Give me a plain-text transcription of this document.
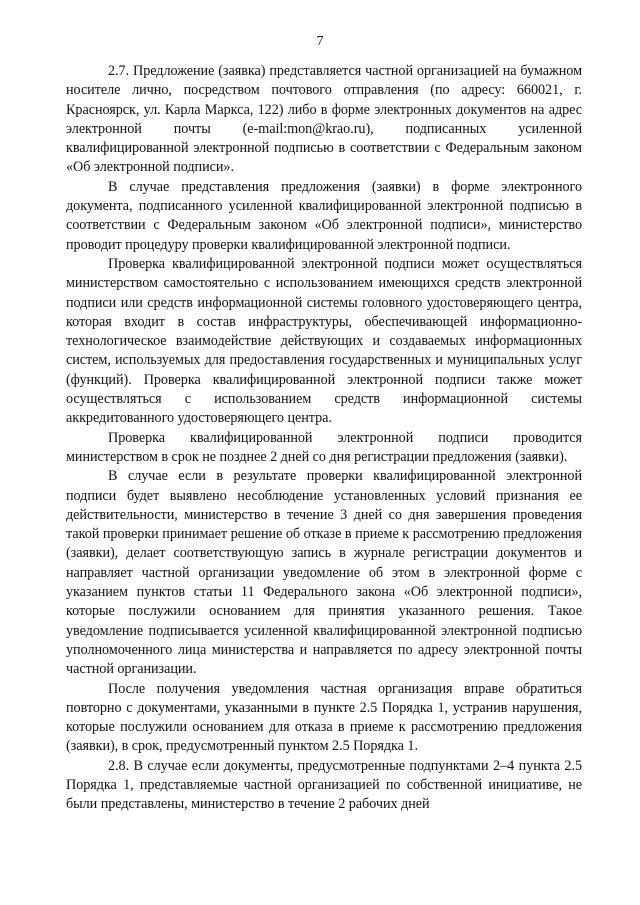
7

2.7. Предложение (заявка) представляется частной организацией на бумажном носителе лично, посредством почтового отправления (по адресу: 660021, г. Красноярск, ул. Карла Маркса, 122) либо в форме электронных документов на адрес электронной почты (e-mail:mon@krao.ru), подписанных усиленной квалифицированной электронной подписью в соответствии с Федеральным законом «Об электронной подписи».

В случае представления предложения (заявки) в форме электронного документа, подписанного усиленной квалифицированной электронной подписью в соответствии с Федеральным законом «Об электронной подписи», министерство проводит процедуру проверки квалифицированной электронной подписи.

Проверка квалифицированной электронной подписи может осуществляться министерством самостоятельно с использованием имеющихся средств электронной подписи или средств информационной системы головного удостоверяющего центра, которая входит в состав инфраструктуры, обеспечивающей информационно-технологическое взаимодействие действующих и создаваемых информационных систем, используемых для предоставления государственных и муниципальных услуг (функций). Проверка квалифицированной электронной подписи также может осуществляться с использованием средств информационной системы аккредитованного удостоверяющего центра.

Проверка квалифицированной электронной подписи проводится министерством в срок не позднее 2 дней со дня регистрации предложения (заявки).

В случае если в результате проверки квалифицированной электронной подписи будет выявлено несоблюдение установленных условий признания ее действительности, министерство в течение 3 дней со дня завершения проведения такой проверки принимает решение об отказе в приеме к рассмотрению предложения (заявки), делает соответствующую запись в журнале регистрации документов и направляет частной организации уведомление об этом в электронной форме с указанием пунктов статьи 11 Федерального закона «Об электронной подписи», которые послужили основанием для принятия указанного решения. Такое уведомление подписывается усиленной квалифицированной электронной подписью уполномоченного лица министерства и направляется по адресу электронной почты частной организации.

После получения уведомления частная организация вправе обратиться повторно с документами, указанными в пункте 2.5 Порядка 1, устранив нарушения, которые послужили основанием для отказа в приеме к рассмотрению предложения (заявки), в срок, предусмотренный пунктом 2.5 Порядка 1.

2.8. В случае если документы, предусмотренные подпунктами 2–4 пункта 2.5 Порядка 1, представляемые частной организацией по собственной инициативе, не были представлены, министерство в течение 2 рабочих дней
